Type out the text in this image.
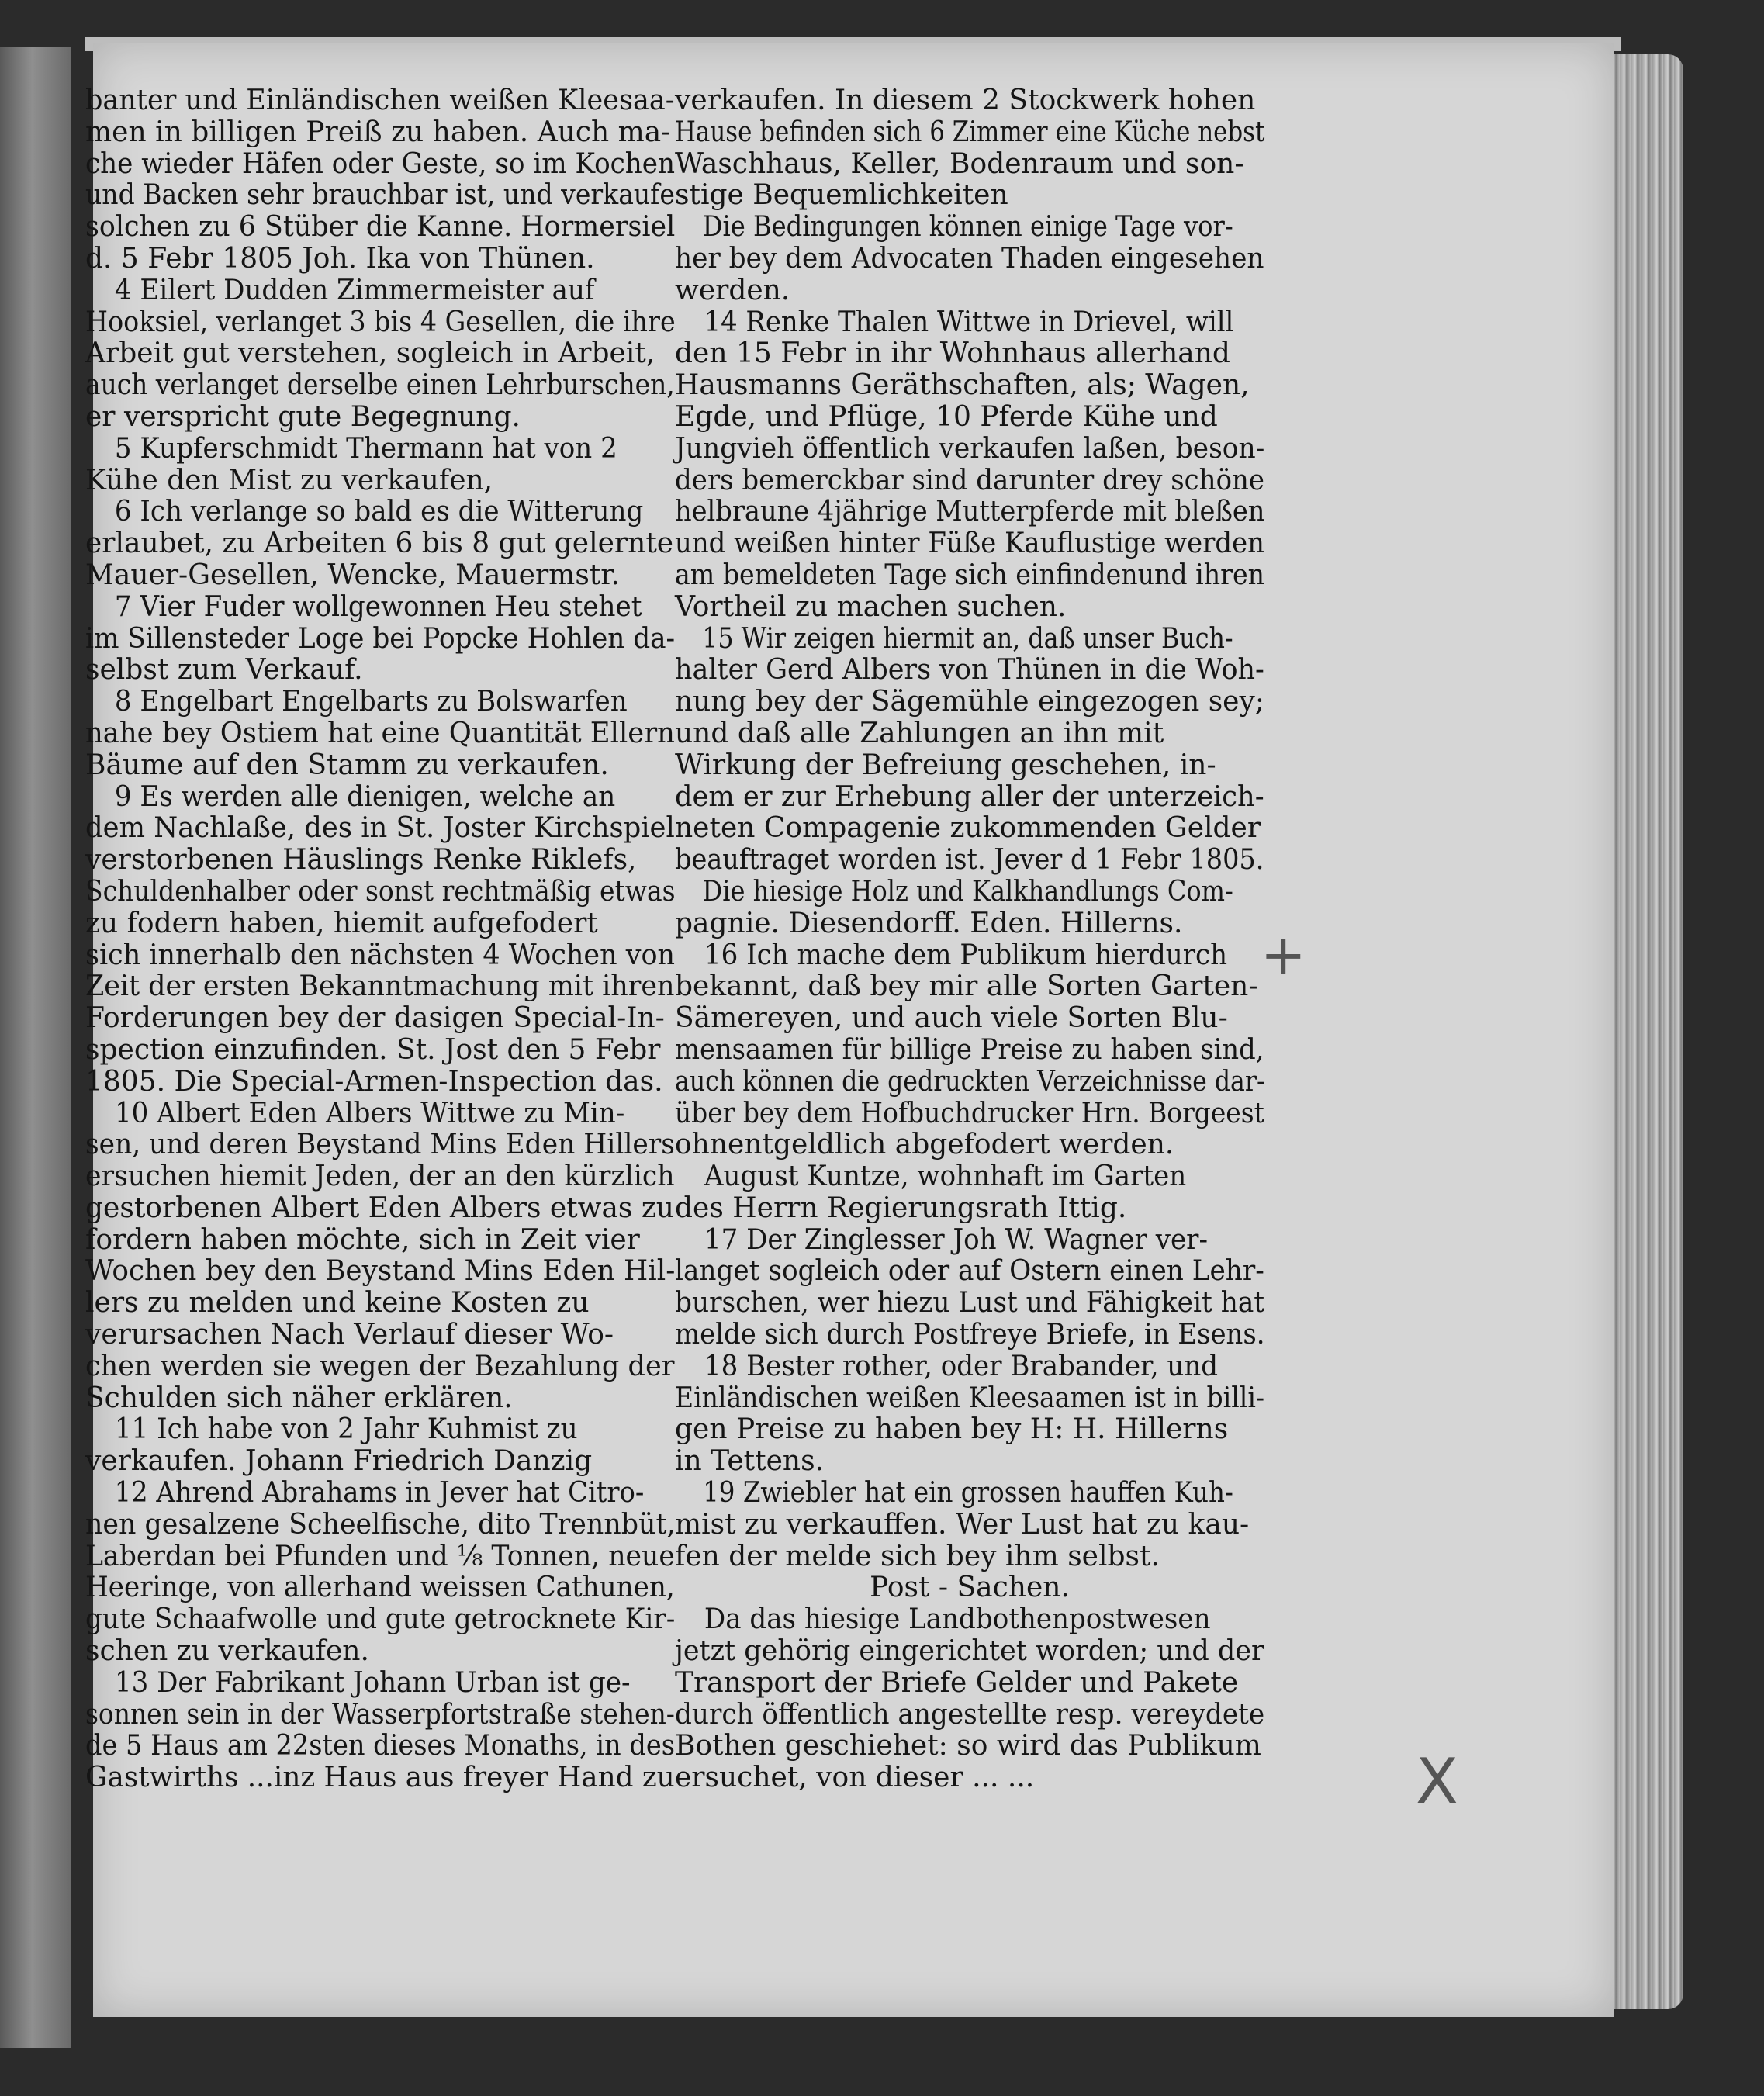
banter und Einländischen weißen Kleesaa-

men in billigen Preiß zu haben. Auch ma-

che wieder Häfen oder Geste, so im Kochen

und Backen sehr brauchbar ist, und verkaufe

solchen zu 6 Stüber die Kanne. Hormersiel

d. 5 Febr 1805 Joh. Ika von Thünen.

4 Eilert Dudden Zimmermeister auf

Hooksiel, verlanget 3 bis 4 Gesellen, die ihre

Arbeit gut verstehen, sogleich in Arbeit,

auch verlanget derselbe einen Lehrburschen,

er verspricht gute Begegnung.

5 Kupferschmidt Thermann hat von 2

Kühe den Mist zu verkaufen,

6 Ich verlange so bald es die Witterung

erlaubet, zu Arbeiten 6 bis 8 gut gelernte

Mauer-Gesellen, Wencke, Mauermstr.

7 Vier Fuder wollgewonnen Heu stehet

im Sillensteder Loge bei Popcke Hohlen da-

selbst zum Verkauf.

8 Engelbart Engelbarts zu Bolswarfen

nahe bey Ostiem hat eine Quantität Ellern

Bäume auf den Stamm zu verkaufen.

9 Es werden alle dienigen, welche an

dem Nachlaße, des in St. Joster Kirchspiel

verstorbenen Häuslings Renke Riklefs,

Schuldenhalber oder sonst rechtmäßig etwas

zu fodern haben, hiemit aufgefodert

sich innerhalb den nächsten 4 Wochen von

Zeit der ersten Bekanntmachung mit ihren

Forderungen bey der dasigen Special-In-

spection einzufinden. St. Jost den 5 Febr

1805. Die Special-Armen-Inspection das.

10 Albert Eden Albers Wittwe zu Min-

sen, und deren Beystand Mins Eden Hillers

ersuchen hiemit Jeden, der an den kürzlich

gestorbenen Albert Eden Albers etwas zu

fordern haben möchte, sich in Zeit vier

Wochen bey den Beystand Mins Eden Hil-

lers zu melden und keine Kosten zu

verursachen Nach Verlauf dieser Wo-

chen werden sie wegen der Bezahlung der

Schulden sich näher erklären.

11 Ich habe von 2 Jahr Kuhmist zu

verkaufen. Johann Friedrich Danzig

12 Ahrend Abrahams in Jever hat Citro-

nen gesalzene Scheelfische, dito Trennbüt,

Laberdan bei Pfunden und ⅛ Tonnen, neue

Heeringe, von allerhand weissen Cathunen,

gute Schaafwolle und gute getrocknete Kir-

schen zu verkaufen.

13 Der Fabrikant Johann Urban ist ge-

sonnen sein in der Wasserpfortstraße stehen-

de 5 Haus am 22sten dieses Monaths, in des

Gastwirths ...inz Haus aus freyer Hand zu

verkaufen. In diesem 2 Stockwerk hohen

Hause befinden sich 6 Zimmer eine Küche nebst

Waschhaus, Keller, Bodenraum und son-

stige Bequemlichkeiten

Die Bedingungen können einige Tage vor-

her bey dem Advocaten Thaden eingesehen

werden.

14 Renke Thalen Wittwe in Drievel, will

den 15 Febr in ihr Wohnhaus allerhand

Hausmanns Geräthschaften, als; Wagen,

Egde, und Pflüge, 10 Pferde Kühe und

Jungvieh öffentlich verkaufen laßen, beson-

ders bemerckbar sind darunter drey schöne

helbraune 4jährige Mutterpferde mit bleßen

und weißen hinter Füße Kauflustige werden

am bemeldeten Tage sich einfindenund ihren

Vortheil zu machen suchen.

15 Wir zeigen hiermit an, daß unser Buch-

halter Gerd Albers von Thünen in die Woh-

nung bey der Sägemühle eingezogen sey;

und daß alle Zahlungen an ihn mit

Wirkung der Befreiung geschehen, in-

dem er zur Erhebung aller der unterzeich-

neten Compagenie zukommenden Gelder

beauftraget worden ist. Jever d 1 Febr 1805.

Die hiesige Holz und Kalkhandlungs Com-

pagnie. Diesendorff. Eden. Hillerns.

16 Ich mache dem Publikum hierdurch

bekannt, daß bey mir alle Sorten Garten-

Sämereyen, und auch viele Sorten Blu-

mensaamen für billige Preise zu haben sind,

auch können die gedruckten Verzeichnisse dar-

über bey dem Hofbuchdrucker Hrn. Borgeest

ohnentgeldlich abgefodert werden.

August Kuntze, wohnhaft im Garten

des Herrn Regierungsrath Ittig.

17 Der Zinglesser Joh W. Wagner ver-

langet sogleich oder auf Ostern einen Lehr-

burschen, wer hiezu Lust und Fähigkeit hat

melde sich durch Postfreye Briefe, in Esens.

18 Bester rother, oder Brabander, und

Einländischen weißen Kleesaamen ist in billi-

gen Preise zu haben bey H: H. Hillerns

in Tettens.

19 Zwiebler hat ein grossen hauffen Kuh-

mist zu verkauffen. Wer Lust hat zu kau-

fen der melde sich bey ihm selbst.

Post - Sachen.

Da das hiesige Landbothenpostwesen

jetzt gehörig eingerichtet worden; und der

Transport der Briefe Gelder und Pakete

durch öffentlich angestellte resp. vereydete

Bothen geschiehet: so wird das Publikum

ersuchet, von dieser ... ...

+
X
